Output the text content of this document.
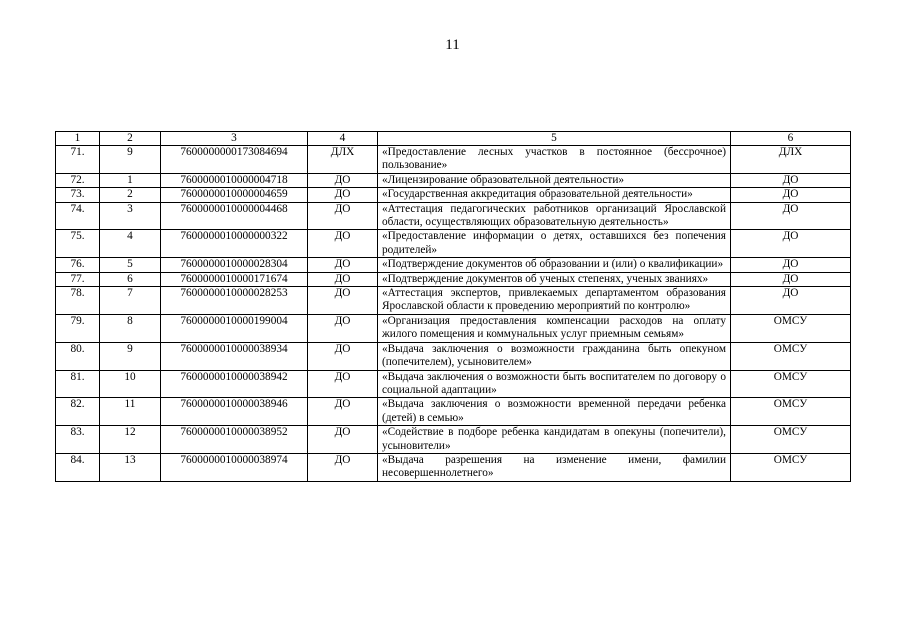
11
1	2	3	4	5	6
71.	9	7600000000173084694	ДЛХ	«Предоставление лесных участков в постоянное (бессрочное) пользование»	ДЛХ
72.	1	7600000010000004718	ДО	«Лицензирование образовательной деятельности»	ДО
73.	2	7600000010000004659	ДО	«Государственная аккредитация образовательной деятельности»	ДО
74.	3	7600000010000004468	ДО	«Аттестация педагогических работников организаций Ярославской области, осуществляющих образовательную деятельность»	ДО
75.	4	7600000010000000322	ДО	«Предоставление информации о детях, оставшихся без попечения родителей»	ДО
76.	5	7600000010000028304	ДО	«Подтверждение документов об образовании и (или) о квалификации»	ДО
77.	6	7600000010000171674	ДО	«Подтверждение документов об ученых степенях, ученых званиях»	ДО
78.	7	7600000010000028253	ДО	«Аттестация экспертов, привлекаемых департаментом образования Ярославской области к проведению мероприятий по контролю»	ДО
79.	8	7600000010000199004	ДО	«Организация предоставления компенсации расходов на оплату жилого помещения и коммунальных услуг приемным семьям»	ОМСУ
80.	9	7600000010000038934	ДО	«Выдача заключения о возможности гражданина быть опекуном (попечителем), усыновителем»	ОМСУ
81.	10	7600000010000038942	ДО	«Выдача заключения о возможности быть воспитателем по договору о социальной адаптации»	ОМСУ
82.	11	7600000010000038946	ДО	«Выдача заключения о возможности временной передачи ребенка (детей) в семью»	ОМСУ
83.	12	7600000010000038952	ДО	«Содействие в подборе ребенка кандидатам в опекуны (попечители), усыновители»	ОМСУ
84.	13	7600000010000038974	ДО	«Выдача разрешения на изменение имени, фамилии несовершеннолетнего»	ОМСУ
